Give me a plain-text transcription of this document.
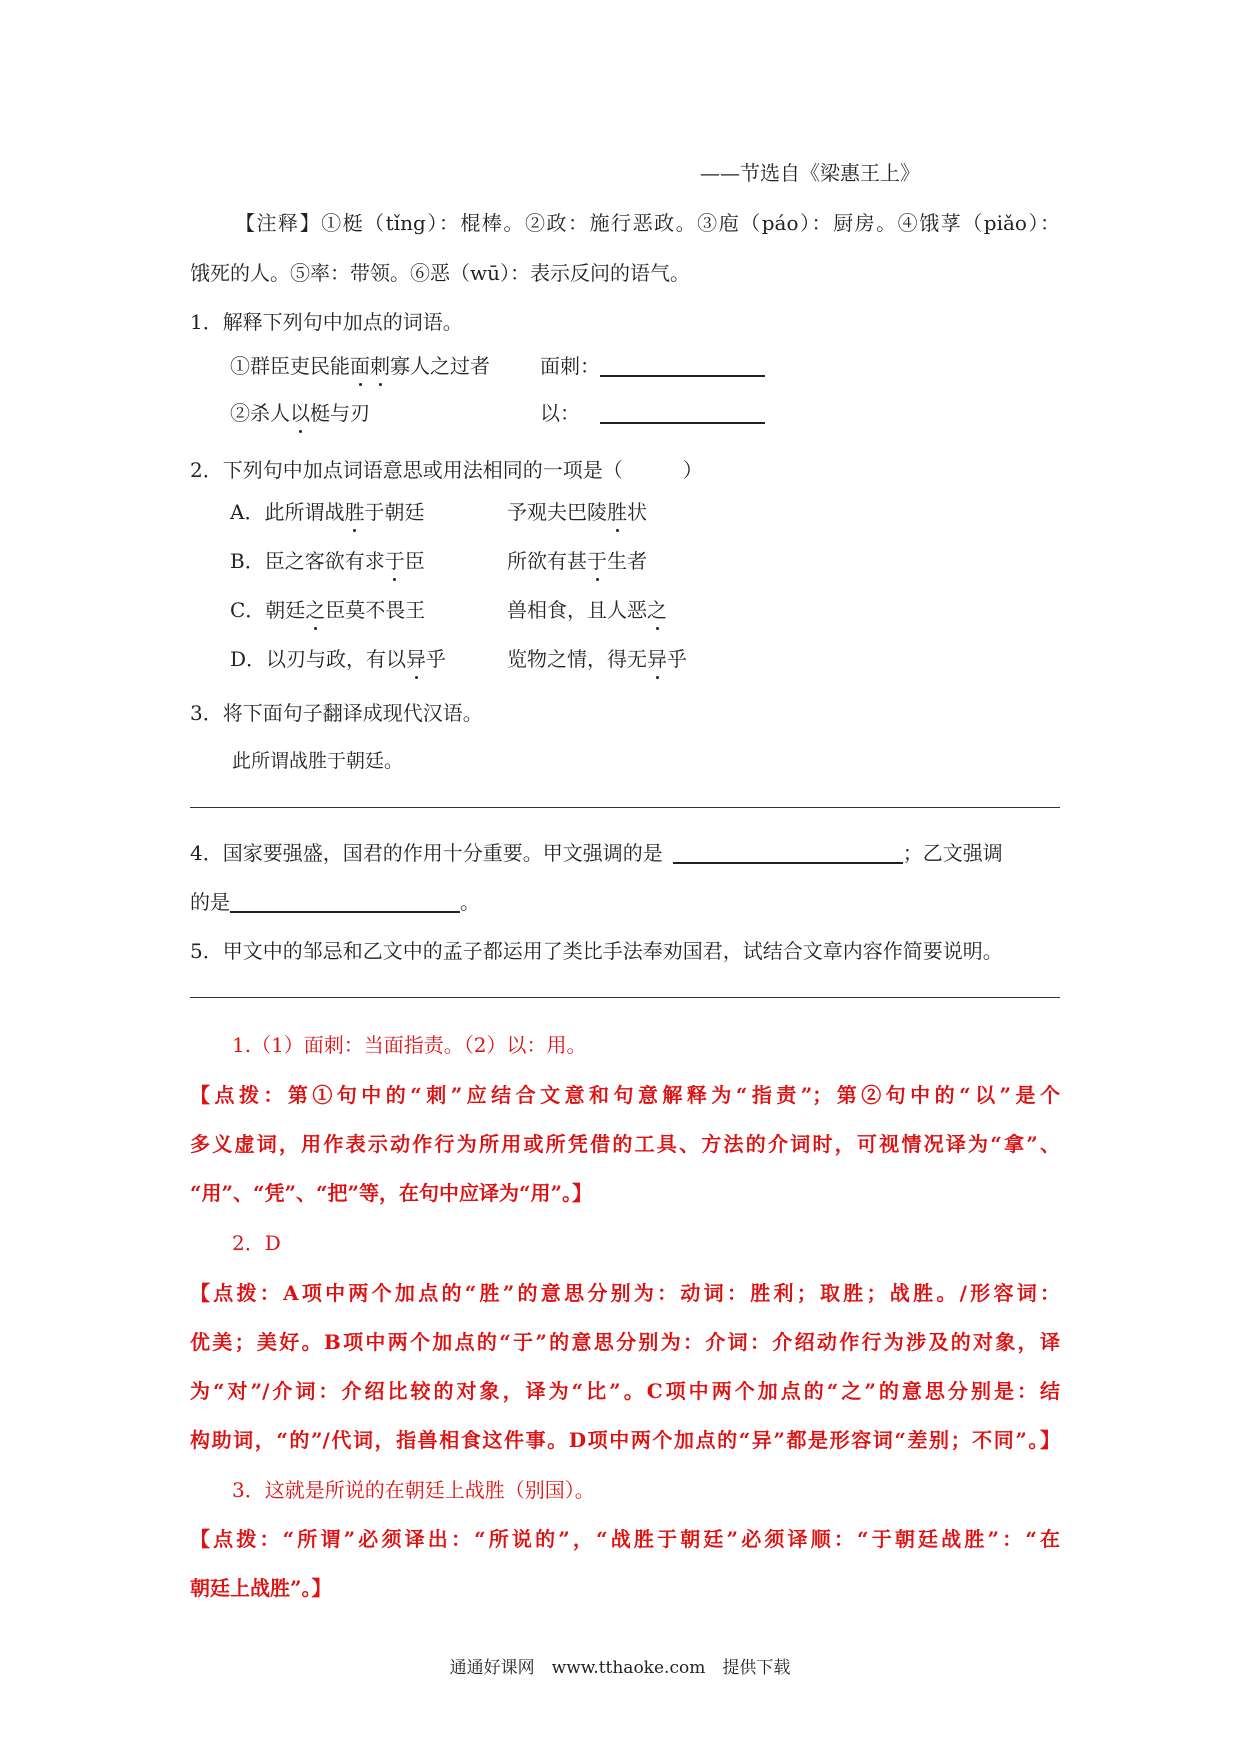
——节选自《梁惠王上》
【注释】①梃（tǐng）：棍棒。②政：施行恶政。③庖（páo）：厨房。④饿莩（piǎo）：
饿死的人。⑤率：带领。⑥恶（wū）：表示反问的语气。
1．解释下列句中加点的词语。
①群臣吏民能面刺寡人之过者	面刺：
②杀人以梃与刃	以：
2．下列句中加点词语意思或用法相同的一项是（　　　）
A．此所谓战胜于朝廷	予观夫巴陵胜状
B．臣之客欲有求于臣	所欲有甚于生者
C．朝廷之臣莫不畏王	兽相食，且人恶之
D．以刃与政，有以异乎	览物之情，得无异乎
3．将下面句子翻译成现代汉语。
此所谓战胜于朝廷。
4．国家要强盛，国君的作用十分重要。甲文强调的是	；乙文强调
的是	。
5．甲文中的邹忌和乙文中的孟子都运用了类比手法奉劝国君，试结合文章内容作简要说明。
1.（1）面刺：当面指责。（2）以：用。
【点拨：第①句中的“刺”应结合文意和句意解释为“指责”；第②句中的“以”是个
多义虚词，用作表示动作行为所用或所凭借的工具、方法的介词时，可视情况译为“拿”、
“用”、“凭”、“把”等，在句中应译为“用”。】
2．D
【点拨：A项中两个加点的“胜”的意思分别为：动词：胜利；取胜；战胜。/形容词：
优美；美好。B项中两个加点的“于”的意思分别为：介词：介绍动作行为涉及的对象，译
为“对”/介词：介绍比较的对象，译为“比”。C项中两个加点的“之”的意思分别是：结
构助词，“的”/代词，指兽相食这件事。D项中两个加点的“异”都是形容词“差别；不同”。】
3．这就是所说的在朝廷上战胜（别国）。
【点拨：“所谓”必须译出：“所说的”，“战胜于朝廷”必须译顺：“于朝廷战胜”：“在
朝廷上战胜”。】
通通好课网　www.tthaoke.com　提供下载
